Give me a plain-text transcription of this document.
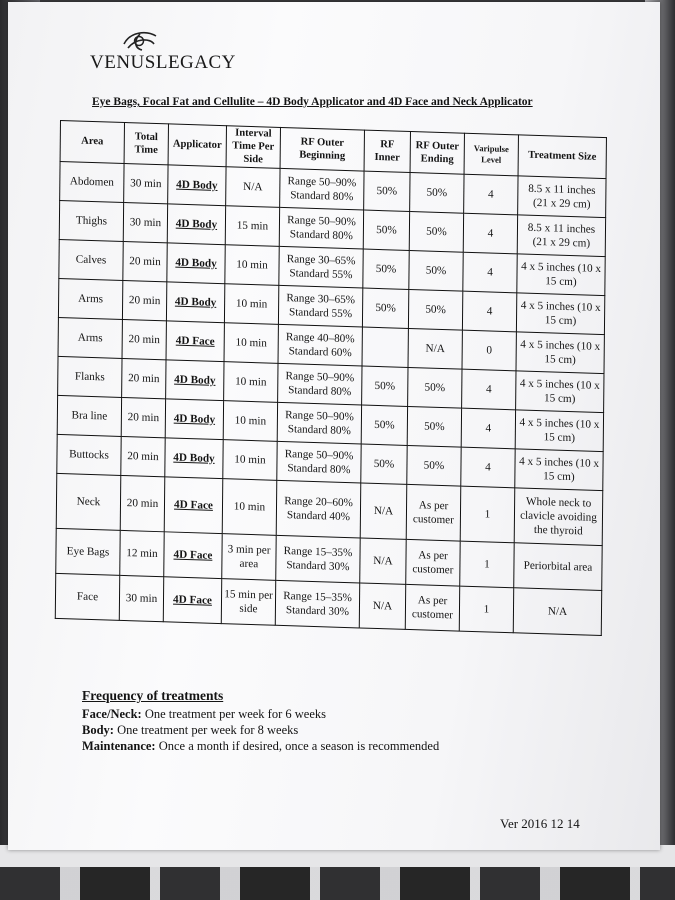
VENUSLEGACY
Eye Bags, Focal Fat and Cellulite – 4D Body Applicator and 4D Face and Neck Applicator
Area	Total Time	Applicator	Interval Time Per Side	RF Outer Beginning	RF Inner	RF Outer Ending	Varipulse Level	Treatment Size
Abdomen	30 min	4D Body	N/A	Range 50–90% Standard 80%	50%	50%	4	8.5 x 11 inches (21 x 29 cm)
Thighs	30 min	4D Body	15 min	Range 50–90% Standard 80%	50%	50%	4	8.5 x 11 inches (21 x 29 cm)
Calves	20 min	4D Body	10 min	Range 30–65% Standard 55%	50%	50%	4	4 x 5 inches (10 x 15 cm)
Arms	20 min	4D Body	10 min	Range 30–65% Standard 55%	50%	50%	4	4 x 5 inches (10 x 15 cm)
Arms	20 min	4D Face	10 min	Range 40–80% Standard 60%		N/A	0	4 x 5 inches (10 x 15 cm)
Flanks	20 min	4D Body	10 min	Range 50–90% Standard 80%	50%	50%	4	4 x 5 inches (10 x 15 cm)
Bra line	20 min	4D Body	10 min	Range 50–90% Standard 80%	50%	50%	4	4 x 5 inches (10 x 15 cm)
Buttocks	20 min	4D Body	10 min	Range 50–90% Standard 80%	50%	50%	4	4 x 5 inches (10 x 15 cm)
Neck	20 min	4D Face	10 min	Range 20–60% Standard 40%	N/A	As per customer	1	Whole neck to clavicle avoiding the thyroid
Eye Bags	12 min	4D Face	3 min per area	Range 15–35% Standard 30%	N/A	As per customer	1	Periorbital area
Face	30 min	4D Face	15 min per side	Range 15–35% Standard 30%	N/A	As per customer	1	N/A
Frequency of treatments
Face/Neck: One treatment per week for 6 weeks
Body: One treatment per week for 8 weeks
Maintenance: Once a month if desired, once a season is recommended
Ver 2016 12 14
